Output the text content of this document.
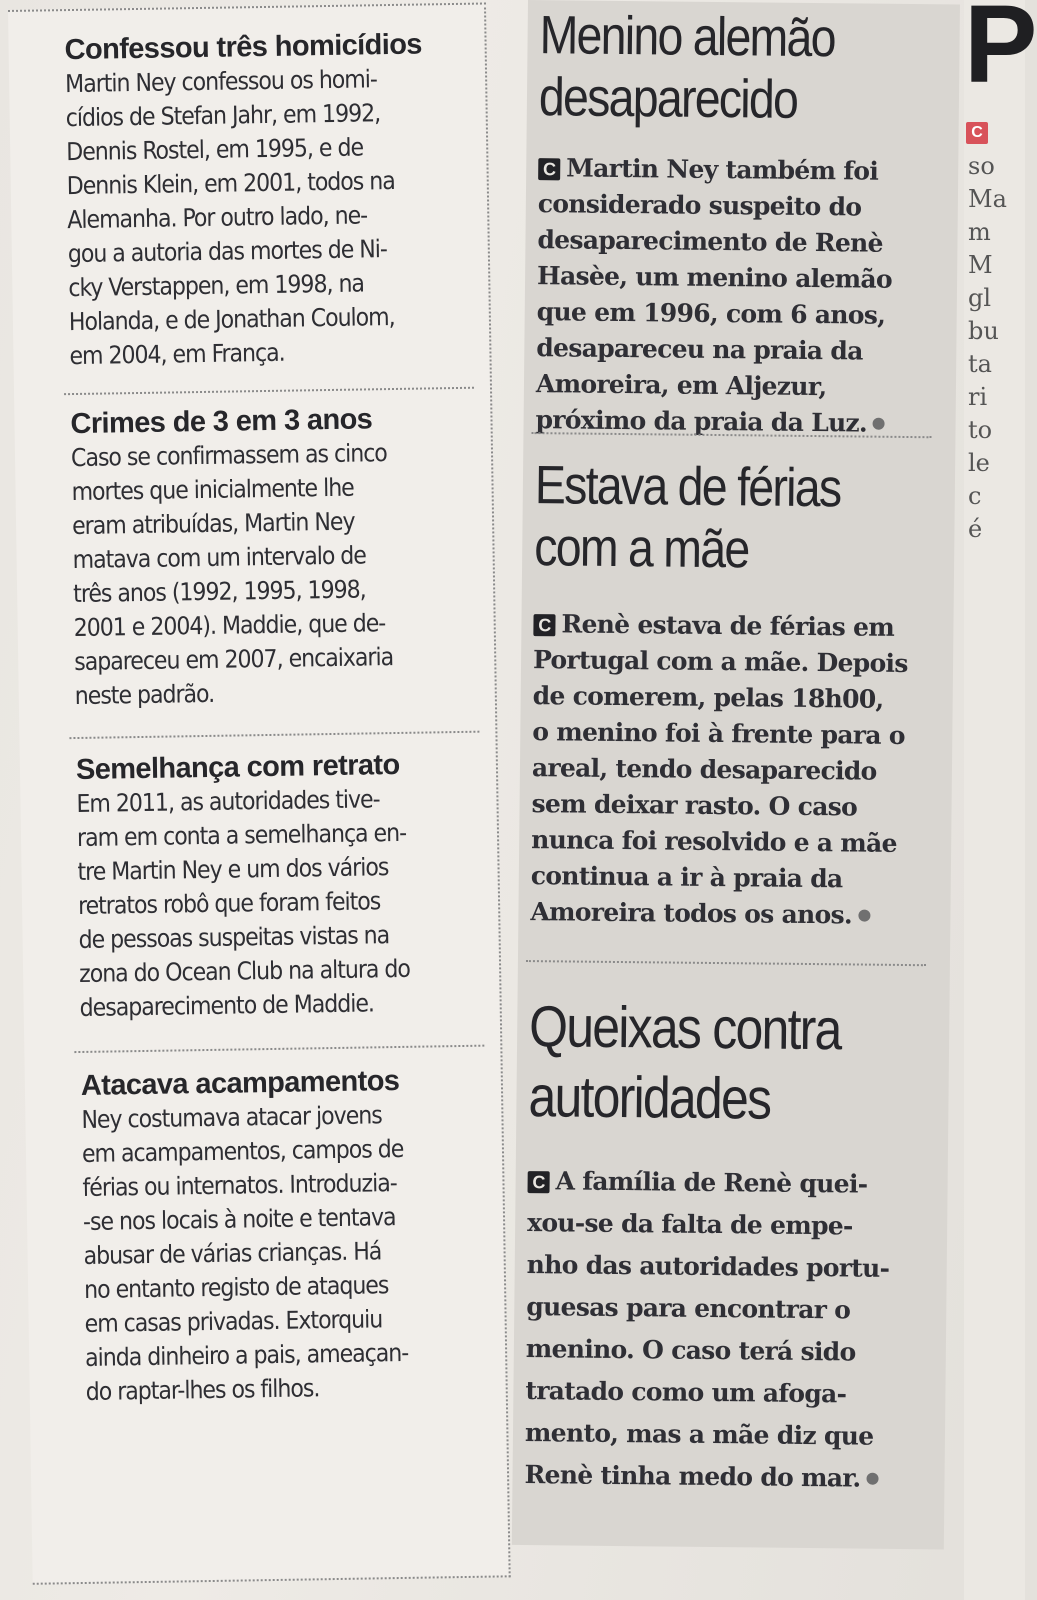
Confessou três homicídios

Martin Ney confessou os homi-

cídios de Stefan Jahr, em 1992,

Dennis Rostel, em 1995, e de

Dennis Klein, em 2001, todos na

Alemanha. Por outro lado, ne-

gou a autoria das mortes de Ni-

cky Verstappen, em 1998, na

Holanda, e de Jonathan Coulom,

em 2004, em França.

Crimes de 3 em 3 anos

Caso se confirmassem as cinco

mortes que inicialmente lhe

eram atribuídas, Martin Ney

matava com um intervalo de

três anos (1992, 1995, 1998,

2001 e 2004). Maddie, que de-

sapareceu em 2007, encaixaria

neste padrão.

Semelhança com retrato

Em 2011, as autoridades tive-

ram em conta a semelhança en-

tre Martin Ney e um dos vários

retratos robô que foram feitos

de pessoas suspeitas vistas na

zona do Ocean Club na altura do

desaparecimento de Maddie.

Atacava acampamentos

Ney costumava atacar jovens

em acampamentos, campos de

férias ou internatos. Introduzia-

-se nos locais à noite e tentava

abusar de várias crianças. Há

no entanto registo de ataques

em casas privadas. Extorquiu

ainda dinheiro a pais, ameaçan-

do raptar-lhes os filhos.

Menino alemão
desaparecido

C Martin Ney também foi

considerado suspeito do

desaparecimento de Renè

Hasèe, um menino alemão

que em 1996, com 6 anos,

desapareceu na praia da

Amoreira, em Aljezur,

próximo da praia da Luz.

Estava de férias
com a mãe

C Renè estava de férias em

Portugal com a mãe. Depois

de comerem, pelas 18h00,

o menino foi à frente para o

areal, tendo desaparecido

sem deixar rasto. O caso

nunca foi resolvido e a mãe

continua a ir à praia da

Amoreira todos os anos.

Queixas contra
autoridades

C A família de Renè quei-

xou-se da falta de empe-

nho das autoridades portu-

guesas para encontrar o

menino. O caso terá sido

tratado como um afoga-

mento, mas a mãe diz que

Renè tinha medo do mar.

P
C
so
Ma
m
M
gl
bu
ta
ri
to
le
c
é
